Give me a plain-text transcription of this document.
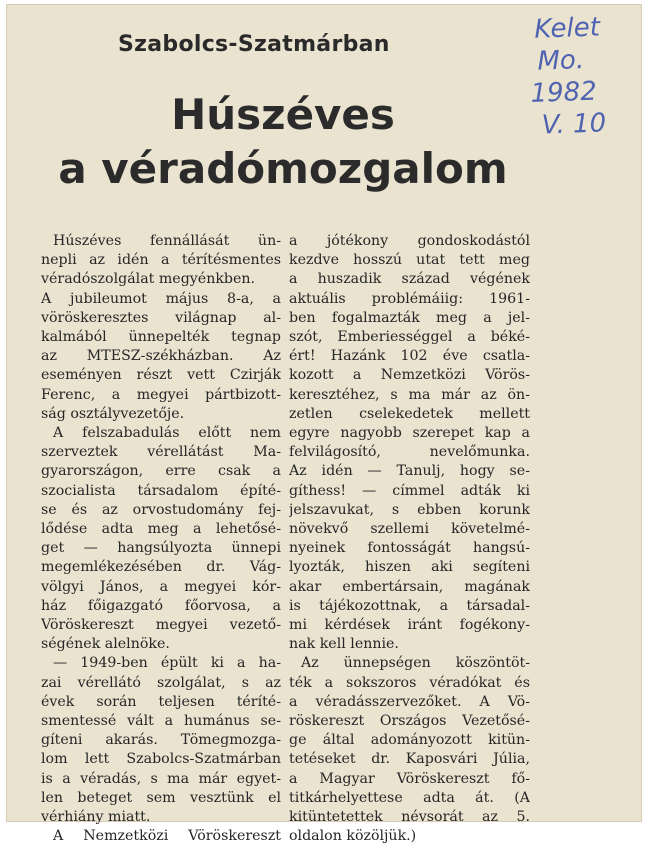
Szabolcs-Szatmárban
Húszéves
a véradómozgalom
Kelet
Mo.
1982
V. 10
Húszéves fennállását ün-
nepli az idén a térítésmentes
véradószolgálat megyénkben.
A jubileumot május 8-a, a
vöröskeresztes világnap al-
kalmából ünnepelték tegnap
az MTESZ-székházban. Az
eseményen részt vett Czirják
Ferenc, a megyei pártbizott-
ság osztályvezetője.
A felszabadulás előtt nem
szerveztek vérellátást Ma-
gyarországon, erre csak a
szocialista társadalom építé-
se és az orvostudomány fej-
lődése adta meg a lehetősé-
get — hangsúlyozta ünnepi
megemlékezésében dr. Vág-
völgyi János, a megyei kór-
ház főigazgató főorvosa, a
Vöröskereszt megyei vezető-
ségének alelnöke.
— 1949-ben épült ki a ha-
zai vérellátó szolgálat, s az
évek során teljesen téríté-
smentessé vált a humánus se-
gíteni akarás. Tömegmozga-
lom lett Szabolcs-Szatmárban
is a véradás, s ma már egyet-
len beteget sem vesztünk el
vérhiány miatt.
A Nemzetközi Vöröskereszt
a jótékony gondoskodástól
kezdve hosszú utat tett meg
a huszadik század végének
aktuális problémáiig: 1961-
ben fogalmazták meg a jel-
szót, Emberiességgel a béké-
ért! Hazánk 102 éve csatla-
kozott a Nemzetközi Vörös-
keresztéhez, s ma már az ön-
zetlen cselekedetek mellett
egyre nagyobb szerepet kap a
felvilágosító, nevelőmunka.
Az idén — Tanulj, hogy se-
gíthess! — címmel adták ki
jelszavukat, s ebben korunk
növekvő szellemi követelmé-
nyeinek fontosságát hangsú-
lyozták, hiszen aki segíteni
akar embertársain, magának
is tájékozottnak, a társadal-
mi kérdések iránt fogékony-
nak kell lennie.
Az ünnepségen köszöntöt-
ték a sokszoros véradókat és
a véradásszervezőket. A Vö-
röskereszt Országos Vezetősé-
ge által adományozott kitün-
tetéseket dr. Kaposvári Júlia,
a Magyar Vöröskereszt fő-
titkárhelyettese adta át. (A
kitüntetettek névsorát az 5.
oldalon közöljük.)
